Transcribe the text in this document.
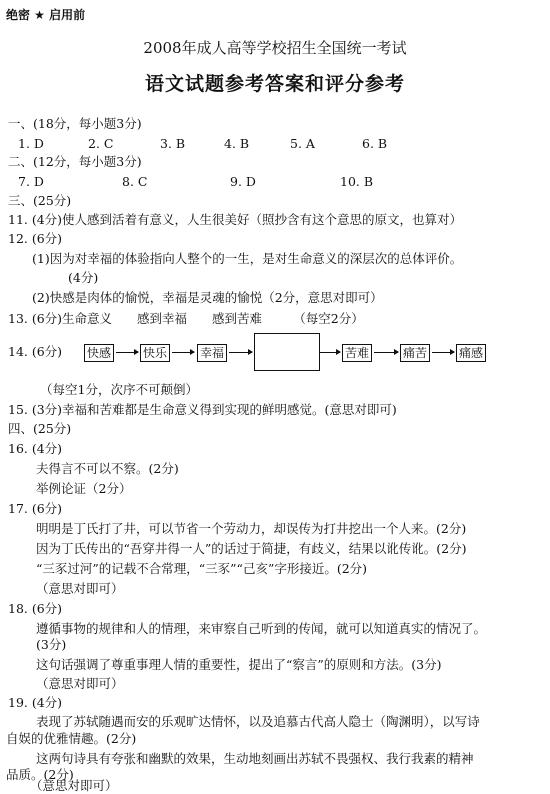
绝密 ★ 启用前
2008年成人高等学校招生全国统一考试
语文试题参考答案和评分参考
一、(18分，每小题3分)
1. D	2. C	3. B	4. B	5. A	6. B
二、(12分，每小题3分)
7. D	8. C	9. D	10. B
三、(25分)
11. (4分)使人感到活着有意义，人生很美好（照抄含有这个意思的原文，也算对）
12. (6分)
(1)因为对幸福的体验指向人整个的一生，是对生命意义的深层次的总体评价。
(4分)
(2)快感是肉体的愉悦，幸福是灵魂的愉悦（2分，意思对即可）
13. (6分)生命意义　　感到幸福　　感到苦难　　　（每空2分）
14. (6分) 快感	快乐	幸福	苦难	痛苦	痛感
（每空1分，次序不可颠倒）
15. (3分)幸福和苦难都是生命意义得到实现的鲜明感觉。(意思对即可)
四、(25分)
16. (4分)
夫得言不可以不察。(2分)
举例论证（2分）
17. (6分)
明明是丁氏打了井，可以节省一个劳动力，却误传为打井挖出一个人来。(2分)
因为丁氏传出的“吾穿井得一人”的话过于简捷，有歧义，结果以讹传讹。(2分)
“三豕过河”的记载不合常理，“三豕”“己亥”字形接近。(2分)
（意思对即可）
18. (6分)
遵循事物的规律和人的情理，来审察自己听到的传闻，就可以知道真实的情况了。
(3分)
这句话强调了尊重事理人情的重要性，提出了“察言”的原则和方法。(3分)
（意思对即可）
19. (4分)
表现了苏轼随遇而安的乐观旷达情怀，以及追慕古代高人隐士（陶渊明），以写诗
自娱的优雅情趣。(2分)
这两句诗具有夸张和幽默的效果，生动地刻画出苏轼不畏强权、我行我素的精神
品质。(2分)
（意思对即可）
